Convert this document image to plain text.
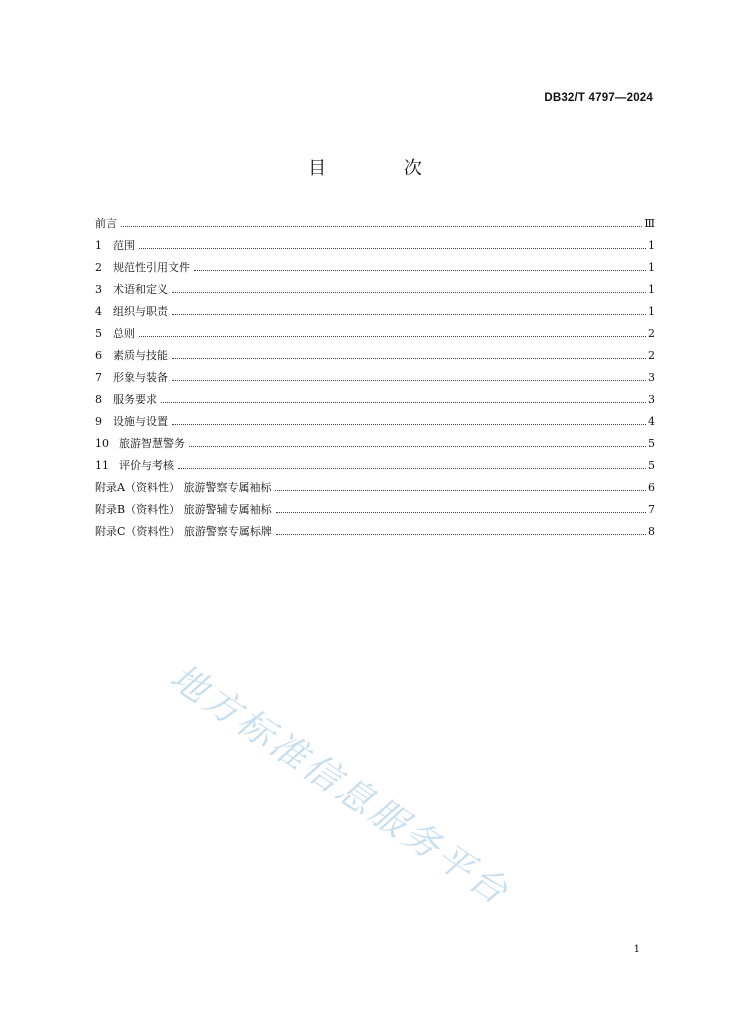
DB32/T 4797—2024
目 次
前言	Ⅲ
1	范围	1
2	规范性引用文件	1
3	术语和定义	1
4	组织与职责	1
5	总则	2
6	素质与技能	2
7	形象与装备	3
8	服务要求	3
9	设施与设置	4
10 旅游智慧警务	5
11 评价与考核	5
附录A（资料性） 旅游警察专属袖标	6
附录B（资料性） 旅游警辅专属袖标	7
附录C（资料性） 旅游警察专属标牌	8
地方标准信息服务平台
1
